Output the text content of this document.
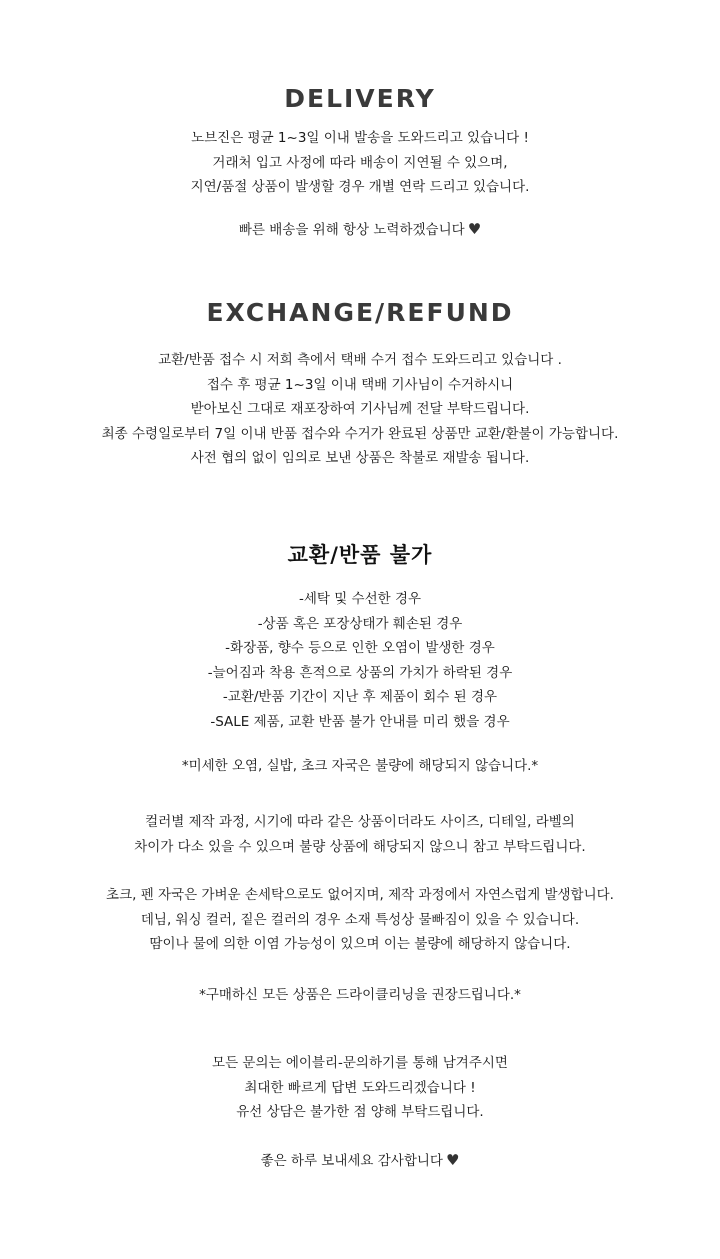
DELIVERY
노브진은 평균 1~3일 이내 발송을 도와드리고 있습니다 !
거래처 입고 사정에 따라 배송이 지연될 수 있으며,
지연/품절 상품이 발생할 경우 개별 연락 드리고 있습니다.
빠른 배송을 위해 항상 노력하겠습니다 ♥
EXCHANGE/REFUND
교환/반품 접수 시 저희 측에서 택배 수거 접수 도와드리고 있습니다 .
접수 후 평균 1~3일 이내 택배 기사님이 수거하시니
받아보신 그대로 재포장하여 기사님께 전달 부탁드립니다.
최종 수령일로부터 7일 이내 반품 접수와 수거가 완료된 상품만 교환/환불이 가능합니다.
사전 협의 없이 임의로 보낸 상품은 착불로 재발송 됩니다.
교환/반품 불가
-세탁 및 수선한 경우
-상품 혹은 포장상태가 훼손된 경우
-화장품, 향수 등으로 인한 오염이 발생한 경우
-늘어짐과 착용 흔적으로 상품의 가치가 하락된 경우
-교환/반품 기간이 지난 후 제품이 회수 된 경우
-SALE 제품, 교환 반품 불가 안내를 미리 했을 경우
*미세한 오염, 실밥, 초크 자국은 불량에 해당되지 않습니다.*
컬러별 제작 과정, 시기에 따라 같은 상품이더라도 사이즈, 디테일, 라벨의
차이가 다소 있을 수 있으며 불량 상품에 해당되지 않으니 참고 부탁드립니다.
초크, 펜 자국은 가벼운 손세탁으로도 없어지며, 제작 과정에서 자연스럽게 발생합니다.
데님, 워싱 컬러, 짙은 컬러의 경우 소재 특성상 물빠짐이 있을 수 있습니다.
땀이나 물에 의한 이염 가능성이 있으며 이는 불량에 해당하지 않습니다.
*구매하신 모든 상품은 드라이클리닝을 권장드립니다.*
모든 문의는 에이블리-문의하기를 통해 남겨주시면
최대한 빠르게 답변 도와드리겠습니다 !
유선 상담은 불가한 점 양해 부탁드립니다.
좋은 하루 보내세요 감사합니다 ♥
